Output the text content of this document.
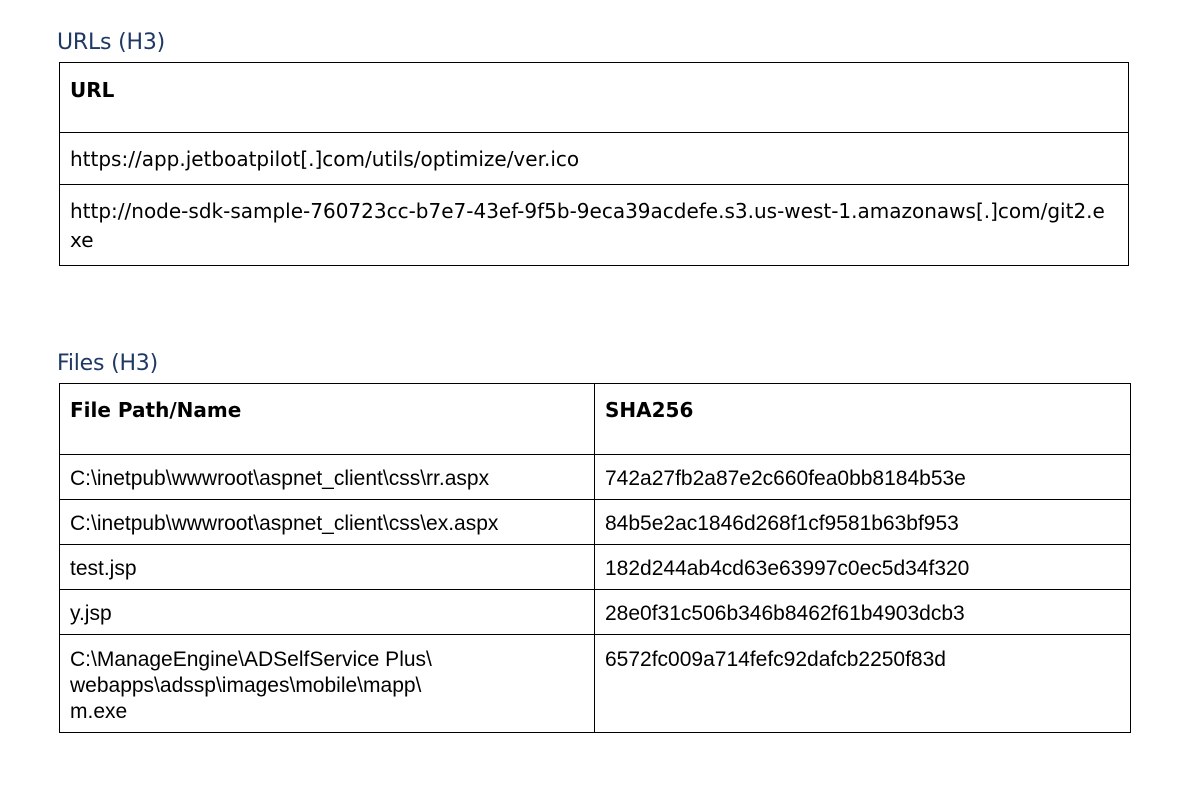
URLs (H3)
URL
https://app.jetboatpilot[.]com/utils/optimize/ver.ico
http://node-sdk-sample-760723cc-b7e7-43ef-9f5b-9eca39acdefe.s3.us-west-1.amazonaws[.]com/git2.exe
Files (H3)
File Path/Name	SHA256
C:\inetpub\wwwroot\aspnet_client\css\rr.aspx	742a27fb2a87e2c660fea0bb8184b53e
C:\inetpub\wwwroot\aspnet_client\css\ex.aspx	84b5e2ac1846d268f1cf9581b63bf953
test.jsp	182d244ab4cd63e63997c0ec5d34f320
y.jsp	28e0f31c506b346b8462f61b4903dcb3
C:\ManageEngine\ADSelfService Plus\webapps\adssp\images\mobile\mapp\m.exe	6572fc009a714fefc92dafcb2250f83d
